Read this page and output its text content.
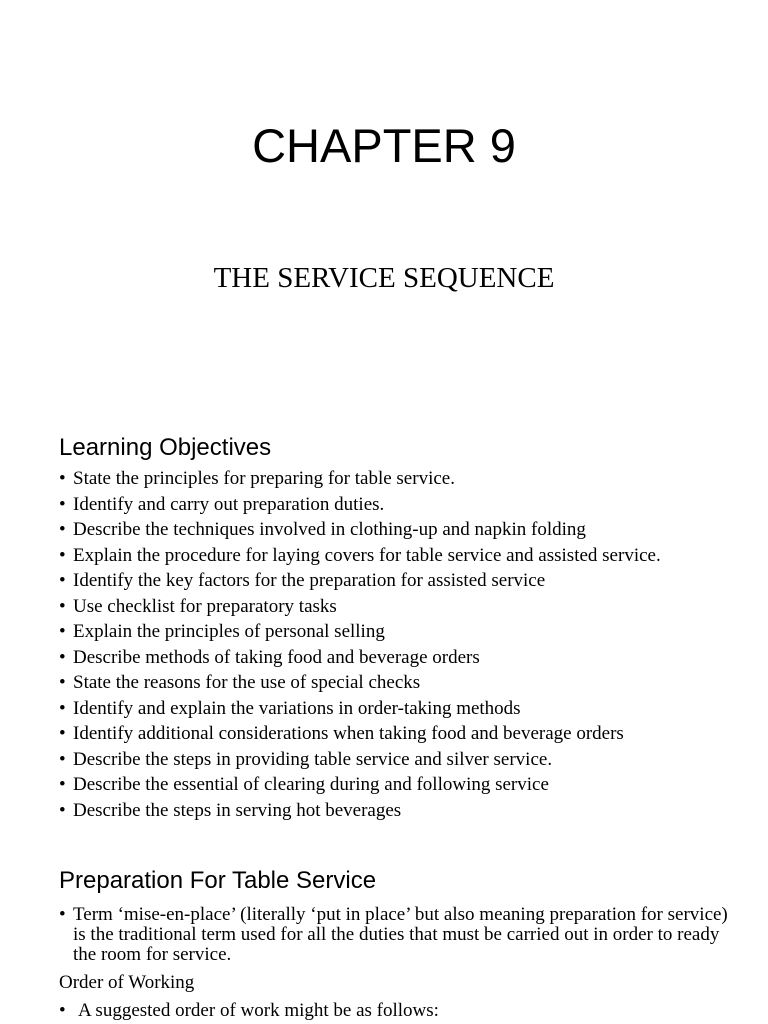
CHAPTER 9
THE SERVICE SEQUENCE
Learning Objectives
• State the principles for preparing for table service.
• Identify and carry out preparation duties.
• Describe the techniques involved in clothing-up and napkin folding
• Explain the procedure for laying covers for table service and assisted service.
• Identify the key factors for the preparation for assisted service
• Use checklist for preparatory tasks
• Explain the principles of personal selling
• Describe methods of taking food and beverage orders
• State the reasons for the use of special checks
• Identify and explain the variations in order-taking methods
• Identify additional considerations when taking food and beverage orders
• Describe the steps in providing table service and silver service.
• Describe the essential of clearing during and following service
• Describe the steps in serving hot beverages
Preparation For Table Service
• Term ‘mise-en-place’ (literally ‘put in place’ but also meaning preparation for service) is the traditional term used for all the duties that must be carried out in order to ready the room for service.

Order of Working

• A suggested order of work might be as follows:
